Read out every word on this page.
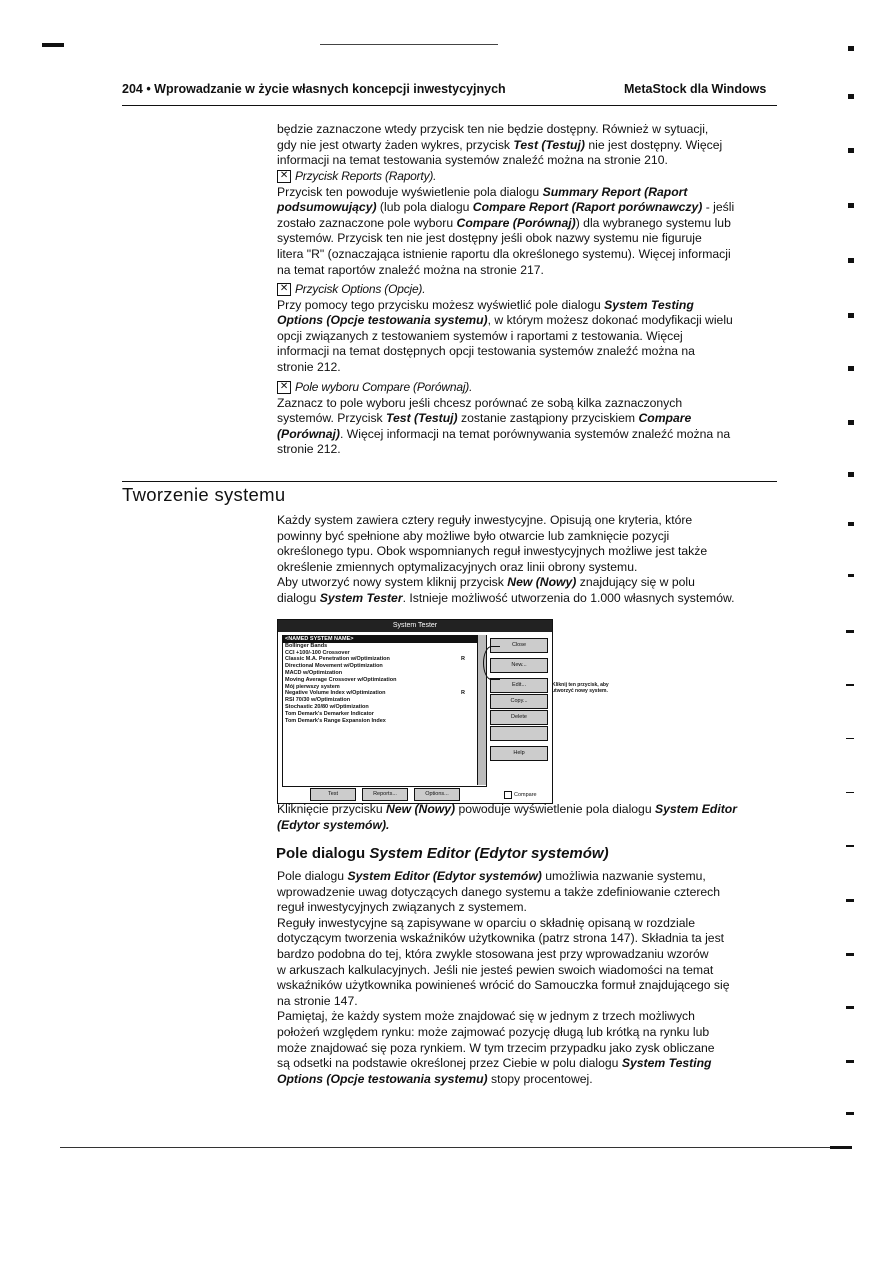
204 • Wprowadzanie w życie własnych koncepcji inwestycyjnych	MetaStock dla Windows

będzie zaznaczone wtedy przycisk ten nie będzie dostępny. Również w sytuacji,

gdy nie jest otwarty żaden wykres, przycisk Test (Testuj) nie jest dostępny. Więcej

informacji na temat testowania systemów znaleźć można na stronie 210.

✕ Przycisk Reports (Raporty).

Przycisk ten powoduje wyświetlenie pola dialogu Summary Report (Raport

podsumowujący) (lub pola dialogu Compare Report (Raport porównawczy) - jeśli

zostało zaznaczone pole wyboru Compare (Porównaj)) dla wybranego systemu lub

systemów. Przycisk ten nie jest dostępny jeśli obok nazwy systemu nie figuruje

litera "R" (oznaczająca istnienie raportu dla określonego systemu). Więcej informacji

na temat raportów znaleźć można na stronie 217.

✕ Przycisk Options (Opcje).

Przy pomocy tego przycisku możesz wyświetlić pole dialogu System Testing

Options (Opcje testowania systemu), w którym możesz dokonać modyfikacji wielu

opcji związanych z testowaniem systemów i raportami z testowania. Więcej

informacji na temat dostępnych opcji testowania systemów znaleźć można na

stronie 212.

✕ Pole wyboru Compare (Porównaj).

Zaznacz to pole wyboru jeśli chcesz porównać ze sobą kilka zaznaczonych

systemów. Przycisk Test (Testuj) zostanie zastąpiony przyciskiem Compare

(Porównaj). Więcej informacji na temat porównywania systemów znaleźć można na

stronie 212.

Tworzenie systemu

Każdy system zawiera cztery reguły inwestycyjne. Opisują one kryteria, które

powinny być spełnione aby możliwe było otwarcie lub zamknięcie pozycji

określonego typu. Obok wspomnianych reguł inwestycyjnych możliwe jest także

określenie zmiennych optymalizacyjnych oraz linii obrony systemu.

Aby utworzyć nowy system kliknij przycisk New (Nowy) znajdujący się w polu

dialogu System Tester. Istnieje możliwość utworzenia do 1.000 własnych systemów.

System Tester
<NAMED SYSTEM NAME>
Bollinger Bands
CCI +100/-100 Crossover
Classic M.A. Penetration w/Optimization	R
Directional Movement w/Optimization
MACD w/Optimization
Moving Average Crossover w/Optimization
Mój pierwszy system
Negative Volume Index w/Optimization	R
RSI 70/30 w/Optimization
Stochastic 20/80 w/Optimization
Tom Demark's Demarker Indicator
Tom Demark's Range Expansion Index
Close
New...
Edit...
Copy...
Delete
Help
Test	Reports...	Options...	Compare
Kliknij ten przycisk, aby utworzyć nowy system.

Kliknięcie przycisku New (Nowy) powoduje wyświetlenie pola dialogu System Editor

(Edytor systemów).

Pole dialogu System Editor (Edytor systemów)

Pole dialogu System Editor (Edytor systemów) umożliwia nazwanie systemu,

wprowadzenie uwag dotyczących danego systemu a także zdefiniowanie czterech

reguł inwestycyjnych związanych z systemem.

Reguły inwestycyjne są zapisywane w oparciu o składnię opisaną w rozdziale

dotyczącym tworzenia wskaźników użytkownika (patrz strona 147). Składnia ta jest

bardzo podobna do tej, która zwykle stosowana jest przy wprowadzaniu wzorów

w arkuszach kalkulacyjnych. Jeśli nie jesteś pewien swoich wiadomości na temat

wskaźników użytkownika powinieneś wrócić do Samouczka formuł znajdującego się

na stronie 147.

Pamiętaj, że każdy system może znajdować się w jednym z trzech możliwych

położeń względem rynku: może zajmować pozycję długą lub krótką na rynku lub

może znajdować się poza rynkiem. W tym trzecim przypadku jako zysk obliczane

są odsetki na podstawie określonej przez Ciebie w polu dialogu System Testing

Options (Opcje testowania systemu) stopy procentowej.
